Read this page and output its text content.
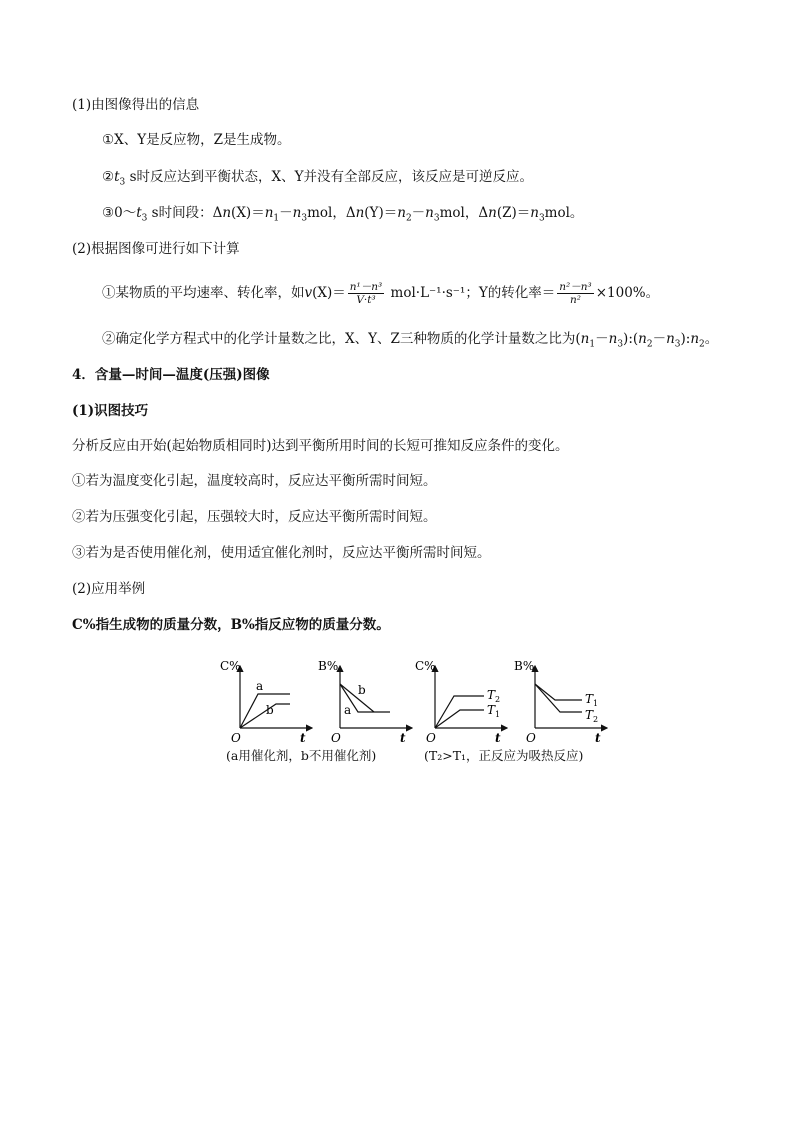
(1)由图像得出的信息
①X、Y是反应物，Z是生成物。
$②t_3$ s时反应达到平衡状态，X、Y并没有全部反应，该反应是可逆反应。
$③0\sim t_3$ s时间段：$\Delta n(X)=n_1-n_3mol$，$\Delta n(Y)=n_2-n_3mol$，$\Delta n(Z)=n_3mol$。
(2)根据图像可进行如下计算
①某物质的平均速率、转化率，如$v(X)= \frac{\text{n¹－n³}}{\text{V·t³}} mol\cdot L^{-1}\cdot s^{-1}$；Y的转化率＝ $\frac{\text{n²－n³}}{\text{n²}} \times 100\%$。
②确定化学方程式中的化学计量数之比，X、Y、Z三种物质的化学计量数之比为$(n_1-n_3):(n_2-n_3):n_2$。
4．含量—时间—温度(压强)图像
(1)识图技巧
分析反应由开始(起始物质相同时)达到平衡所用时间的长短可推知反应条件的变化。
①若为温度变化引起，温度较高时，反应达平衡所需时间短。
②若为压强变化引起，压强较大时，反应达平衡所需时间短。
③若为是否使用催化剂，使用适宜催化剂时，反应达平衡所需时间短。
(2)应用举例
C%指生成物的质量分数，B%指反应物的质量分数。
C%
a
b
O	t
B%
b
a
O	t
C%
T 2
T 1
O	t
B%
T 1
T 2
O	t
(a用催化剂，b不用催化剂)	(T₂>T₁，正反应为吸热反应)
